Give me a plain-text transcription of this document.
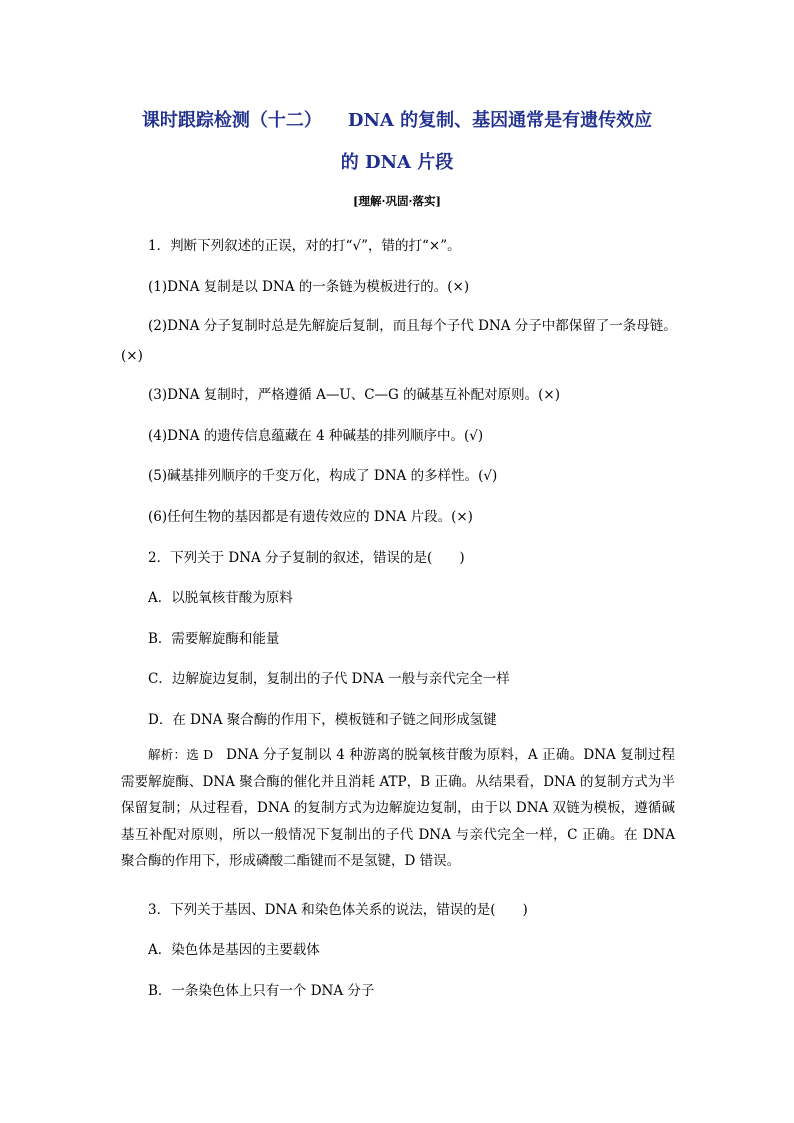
课时跟踪检测（十二） DNA 的复制、基因通常是有遗传效应
的 DNA 片段
[理解·巩固·落实]
1．判断下列叙述的正误，对的打“√”，错的打“×”。
(1)DNA 复制是以 DNA 的一条链为模板进行的。(×)
(2)DNA 分子复制时总是先解旋后复制，而且每个子代 DNA 分子中都保留了一条母链。(×)
(3)DNA 复制时，严格遵循 A—U、C—G 的碱基互补配对原则。(×)
(4)DNA 的遗传信息蕴藏在 4 种碱基的排列顺序中。(√)
(5)碱基排列顺序的千变万化，构成了 DNA 的多样性。(√)
(6)任何生物的基因都是有遗传效应的 DNA 片段。(×)
2．下列关于 DNA 分子复制的叙述，错误的是(　　)
A．以脱氧核苷酸为原料
B．需要解旋酶和能量
C．边解旋边复制，复制出的子代 DNA 一般与亲代完全一样
D．在 DNA 聚合酶的作用下，模板链和子链之间形成氢键
解析：选 D　DNA 分子复制以 4 种游离的脱氧核苷酸为原料，A 正确。DNA 复制过程需要解旋酶、DNA 聚合酶的催化并且消耗 ATP，B 正确。从结果看，DNA 的复制方式为半保留复制；从过程看，DNA 的复制方式为边解旋边复制，由于以 DNA 双链为模板，遵循碱基互补配对原则，所以一般情况下复制出的子代 DNA 与亲代完全一样，C 正确。在 DNA 聚合酶的作用下，形成磷酸二酯键而不是氢键，D 错误。
3．下列关于基因、DNA 和染色体关系的说法，错误的是(　　)
A．染色体是基因的主要载体
B．一条染色体上只有一个 DNA 分子
